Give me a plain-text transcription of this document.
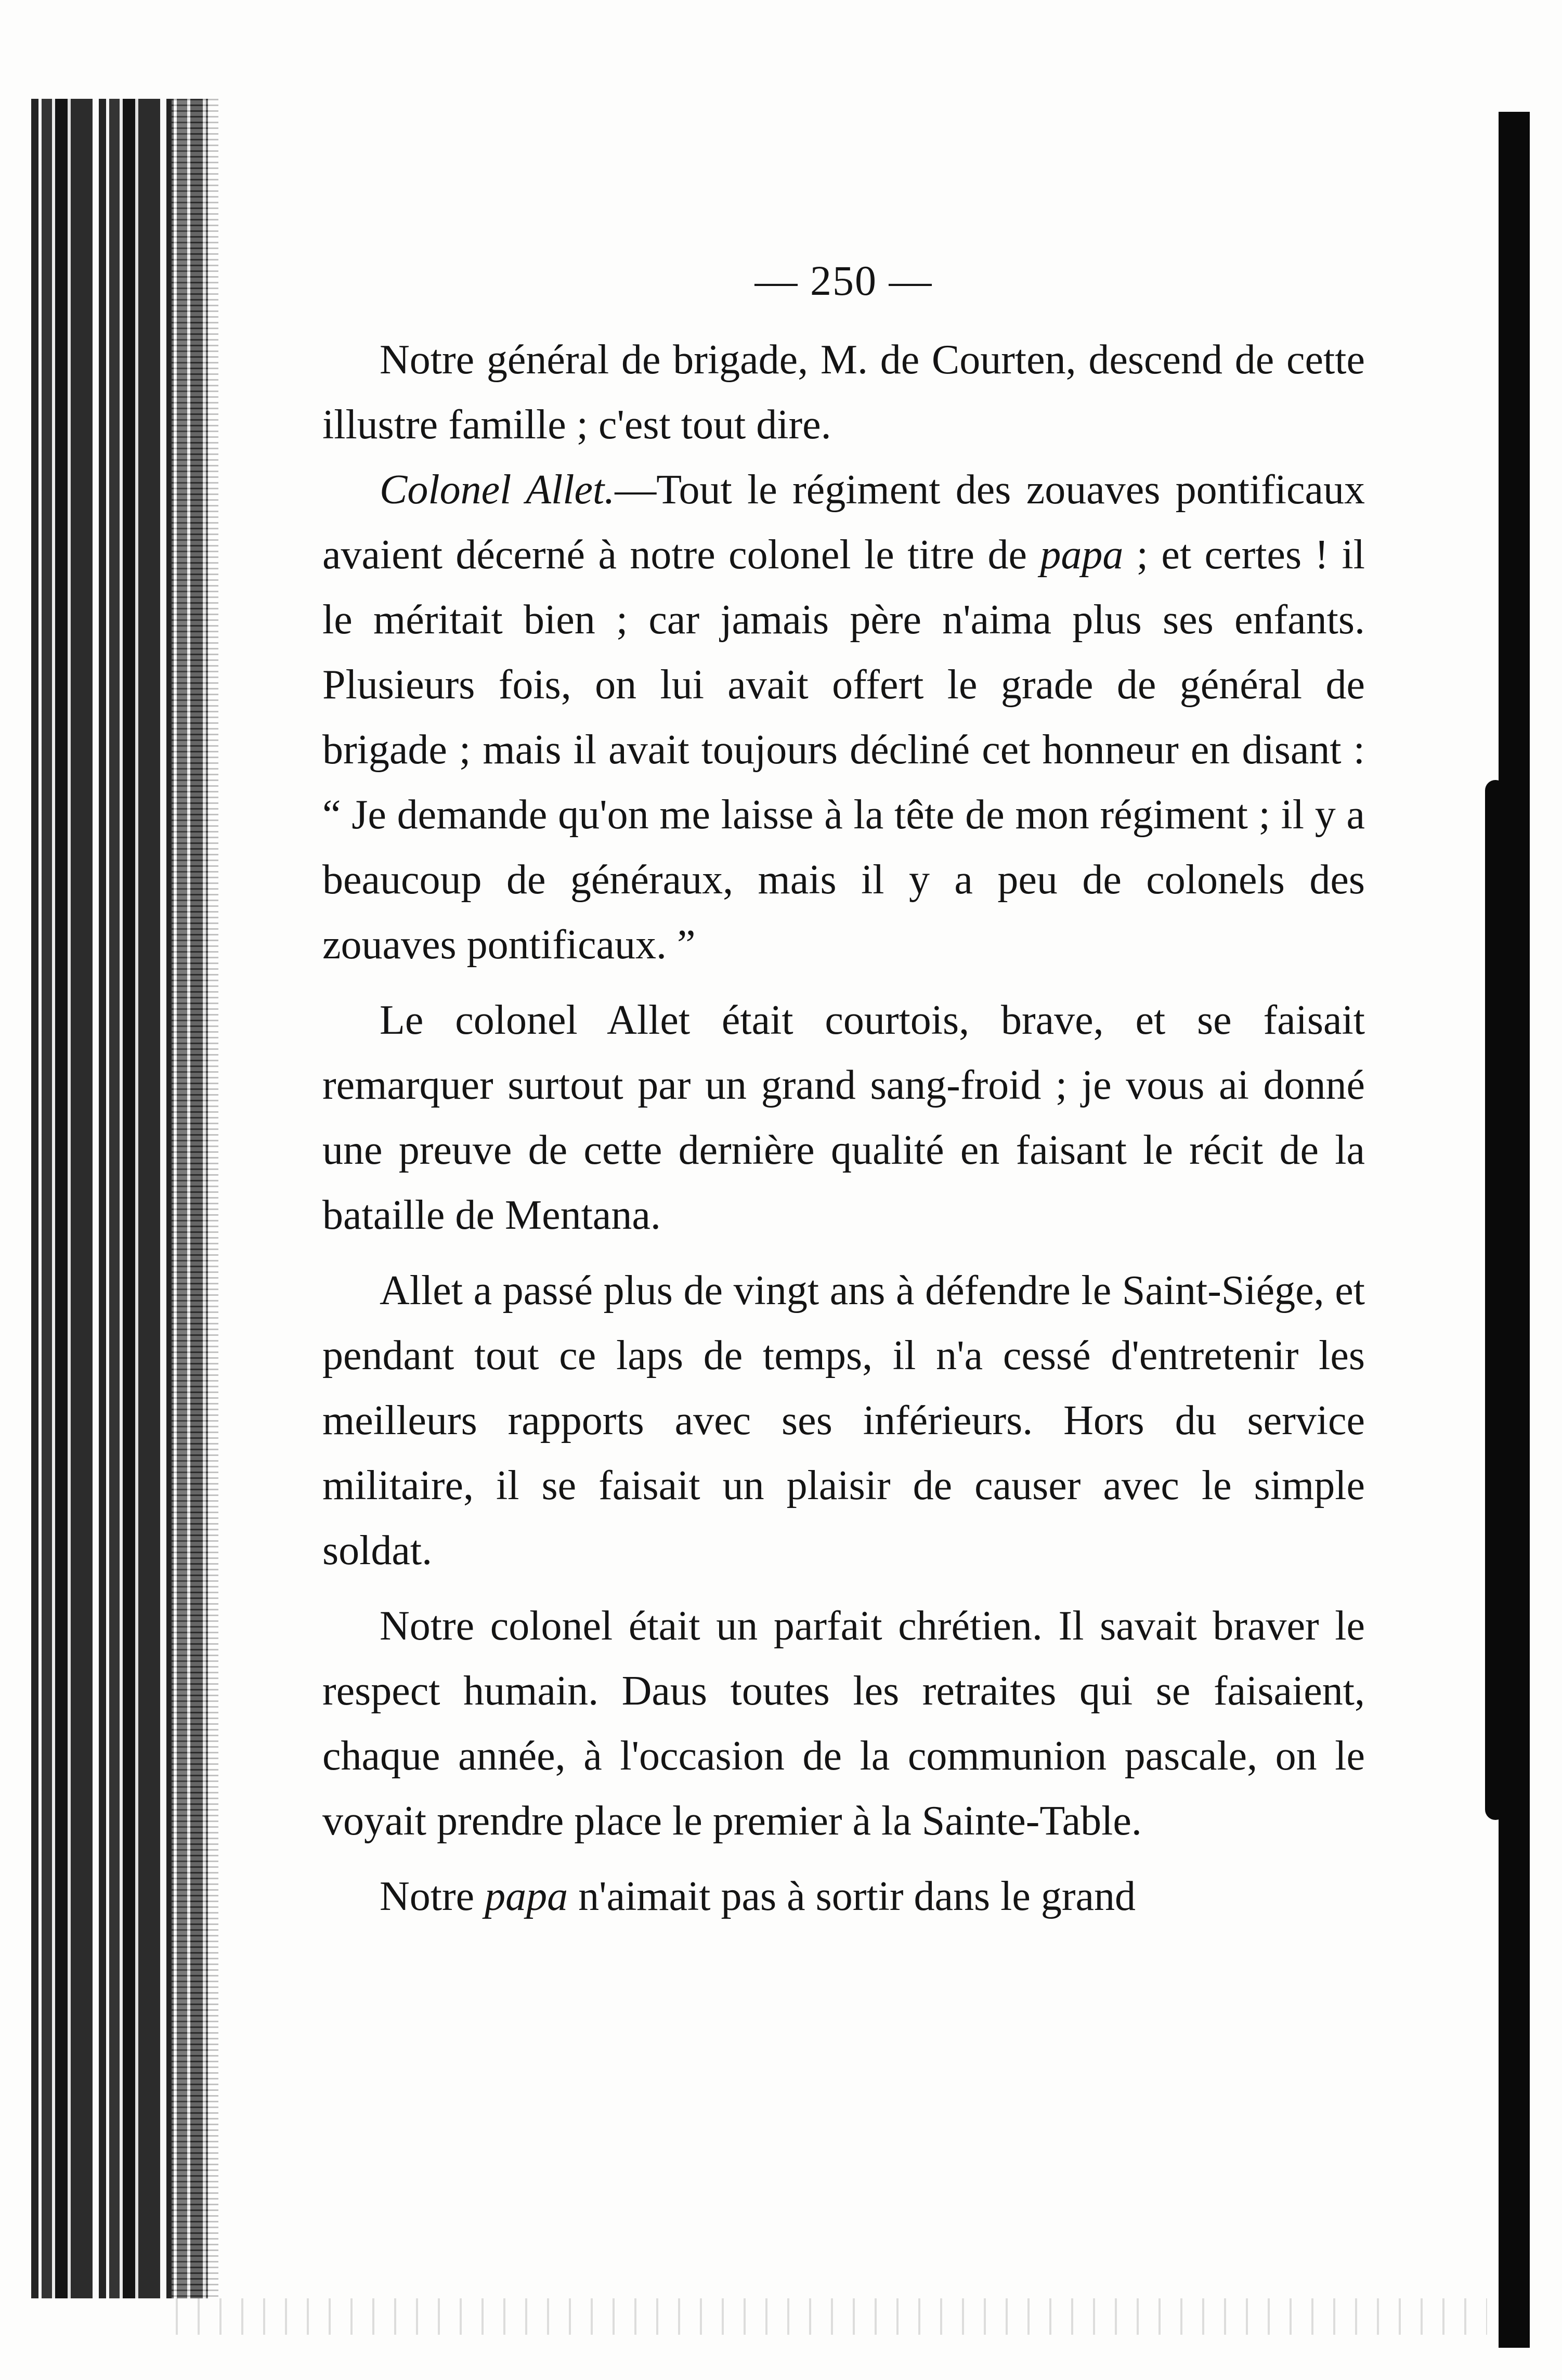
— 250 —

Notre général de brigade, M. de Courten, descend de cette illustre famille ; c'est tout dire.

Colonel Allet.—Tout le régiment des zouaves pontificaux avaient décerné à notre colonel le titre de papa ; et certes ! il le méritait bien ; car jamais père n'aima plus ses enfants. Plusieurs fois, on lui avait offert le grade de général de brigade ; mais il avait toujours décliné cet honneur en disant : “ Je demande qu'on me laisse à la tête de mon régiment ; il y a beaucoup de généraux, mais il y a peu de colonels des zouaves pontificaux. ”

Le colonel Allet était courtois, brave, et se faisait remarquer surtout par un grand sang-froid ; je vous ai donné une preuve de cette dernière qualité en faisant le récit de la bataille de Mentana.

Allet a passé plus de vingt ans à défendre le Saint-Siége, et pendant tout ce laps de temps, il n'a cessé d'entretenir les meilleurs rapports avec ses inférieurs. Hors du service militaire, il se faisait un plaisir de causer avec le simple soldat.

Notre colonel était un parfait chrétien. Il savait braver le respect humain. Daus toutes les retraites qui se faisaient, chaque année, à l'occasion de la communion pascale, on le voyait prendre place le premier à la Sainte-Table.

Notre papa n'aimait pas à sortir dans le grand
